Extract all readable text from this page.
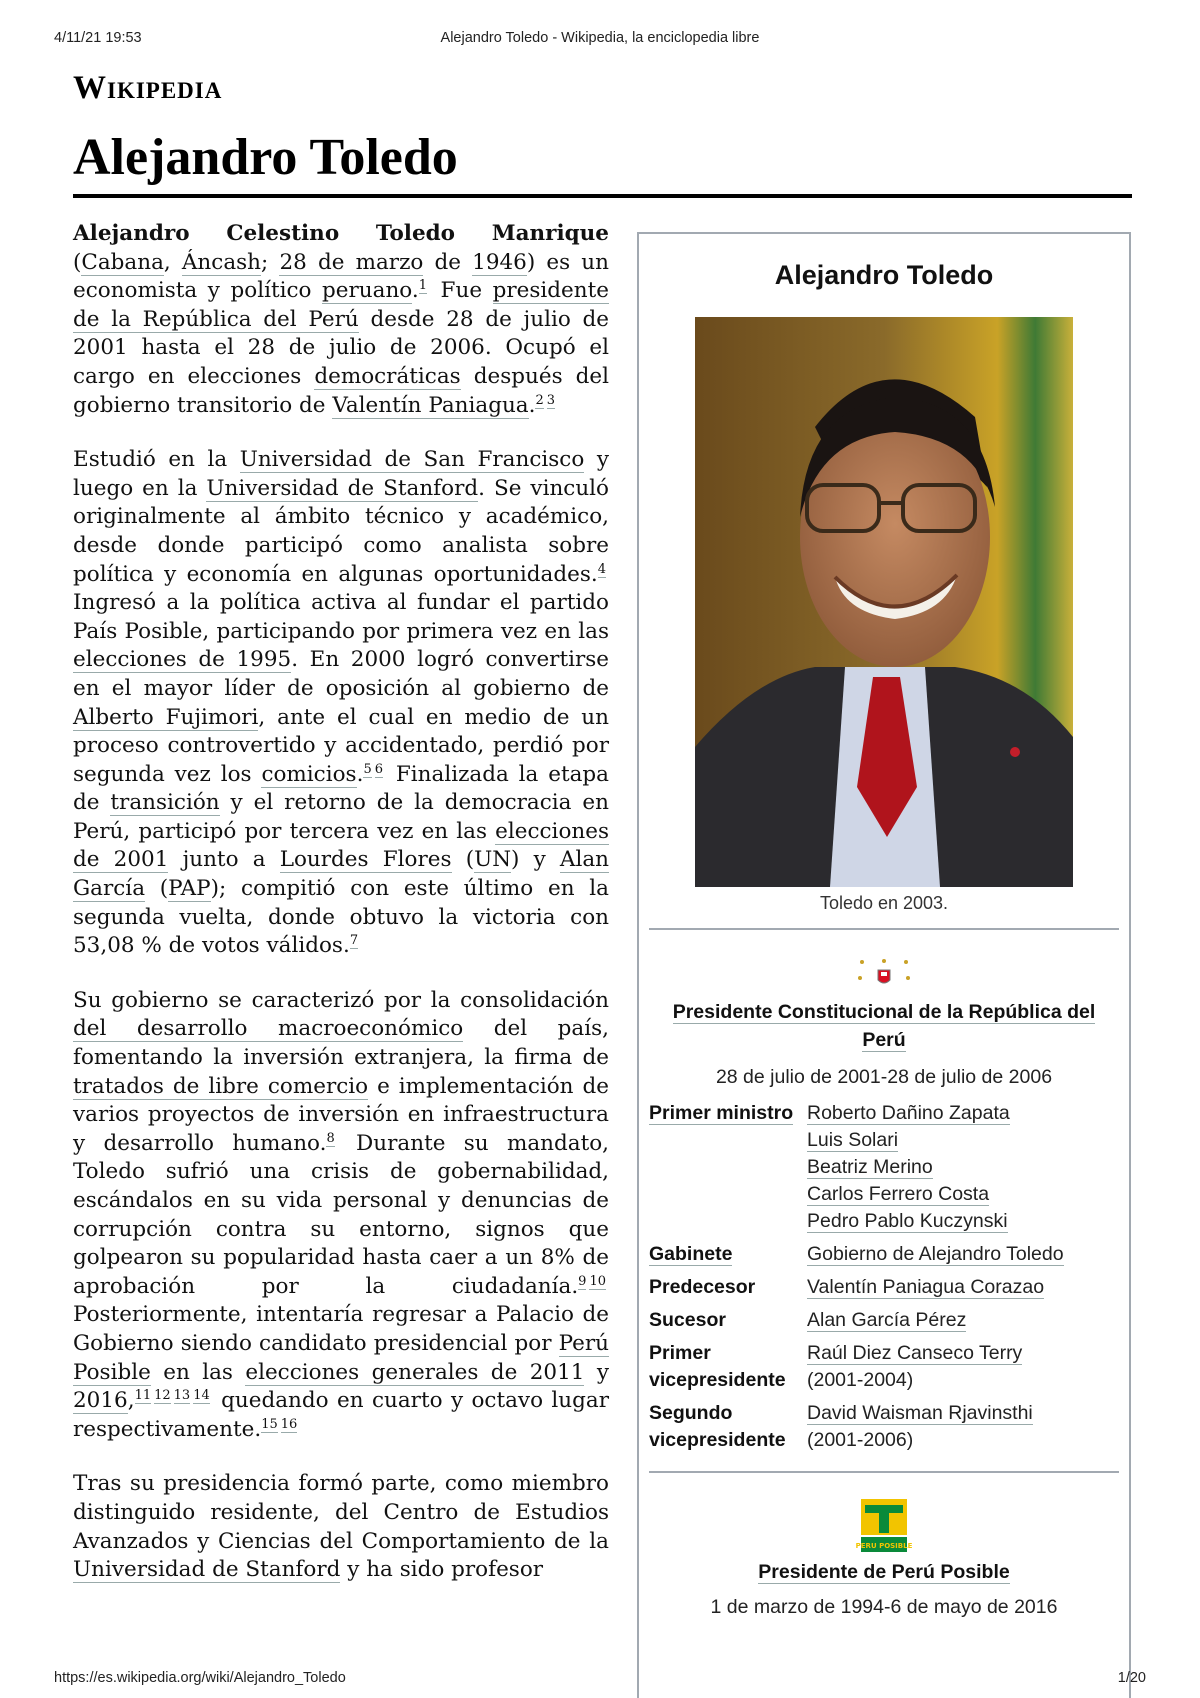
4/11/21 19:53	Alejandro Toledo - Wikipedia, la enciclopedia libre
Wikipedia
Alejandro Toledo

Alejandro Celestino Toledo Manrique (Cabana, Áncash; 28 de marzo de 1946) es un economista y político peruano.$^1$ Fue presidente de la República del Perú desde 28 de julio de 2001 hasta el 28 de julio de 2006. Ocupó el cargo en elecciones democráticas después del gobierno transitorio de Valentín Paniagua.$^{2 3}$

Estudió en la Universidad de San Francisco y luego en la Universidad de Stanford. Se vinculó originalmente al ámbito técnico y académico, desde donde participó como analista sobre política y economía en algunas oportunidades.$^4$ Ingresó a la política activa al fundar el partido País Posible, participando por primera vez en las elecciones de 1995. En 2000 logró convertirse en el mayor líder de oposición al gobierno de Alberto Fujimori, ante el cual en medio de un proceso controvertido y accidentado, perdió por segunda vez los comicios.$^{5 6}$ Finalizada la etapa de transición y el retorno de la democracia en Perú, participó por tercera vez en las elecciones de 2001 junto a Lourdes Flores (UN) y Alan García (PAP); compitió con este último en la segunda vuelta, donde obtuvo la victoria con 53,08 % de votos válidos.$^7$

Su gobierno se caracterizó por la consolidación del desarrollo macroeconómico del país, fomentando la inversión extranjera, la firma de tratados de libre comercio e implementación de varios proyectos de inversión en infraestructura y desarrollo humano.$^8$ Durante su mandato, Toledo sufrió una crisis de gobernabilidad, escándalos en su vida personal y denuncias de corrupción contra su entorno, signos que golpearon su popularidad hasta caer a un 8% de aprobación por la ciudadanía.$^{9 10}$ Posteriormente, intentaría regresar a Palacio de Gobierno siendo candidato presidencial por Perú Posible en las elecciones generales de 2011 y 2016,$^{11 12 13 14}$ quedando en cuarto y octavo lugar respectivamente.$^{15 16}$

Tras su presidencia formó parte, como miembro distinguido residente, del Centro de Estudios Avanzados y Ciencias del Comportamiento de la Universidad de Stanford y ha sido profesor

Alejandro Toledo
Toledo en 2003.
Presidente Constitucional de la República del Perú
28 de julio de 2001-28 de julio de 2006
Primer ministro	Roberto Dañino Zapata
Luis Solari
Beatriz Merino
Carlos Ferrero Costa
Pedro Pablo Kuczynski
Gabinete	Gobierno de Alejandro Toledo
Predecesor	Valentín Paniagua Corazao
Sucesor	Alan García Pérez
Primer vicepresidente	Raúl Diez Canseco Terry
(2001-2004)
Segundo vicepresidente	David Waisman Rjavinsthi
(2001-2006)
PERU POSIBLE
Presidente de Perú Posible
1 de marzo de 1994-6 de mayo de 2016
https://es.wikipedia.org/wiki/Alejandro_Toledo	1/20
